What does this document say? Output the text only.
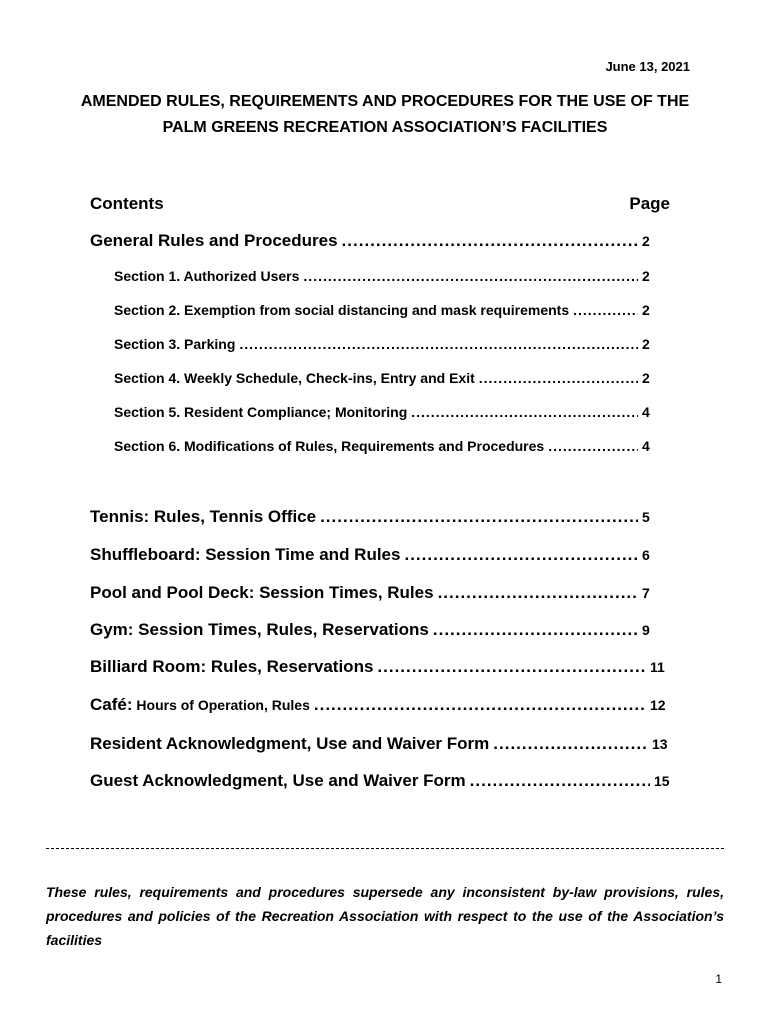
June 13, 2021
AMENDED RULES, REQUIREMENTS AND PROCEDURES FOR THE USE OF THE
PALM GREENS RECREATION ASSOCIATION’S FACILITIES
Contents	Page
General Rules and Procedures .....	2
Section 1. Authorized Users .....	2
Section 2. Exemption from social distancing and mask requirements .....	2
Section 3. Parking .....	2
Section 4. Weekly Schedule, Check-ins, Entry and Exit .....	2
Section 5. Resident Compliance; Monitoring .....	4
Section 6. Modifications of Rules, Requirements and Procedures .....	4
Tennis: Rules, Tennis Office .....	5
Shuffleboard: Session Time and Rules .....	6
Pool and Pool Deck: Session Times, Rules .....	7
Gym: Session Times, Rules, Reservations .....	9
Billiard Room: Rules, Reservations .....	11
Café: Hours of Operation, Rules .....	12
Resident Acknowledgment, Use and Waiver Form .....	13
Guest Acknowledgment, Use and Waiver Form .....	15
These rules, requirements and procedures supersede any inconsistent by-law provisions, rules, procedures and policies of the Recreation Association with respect to the use of the Association’s facilities
1
